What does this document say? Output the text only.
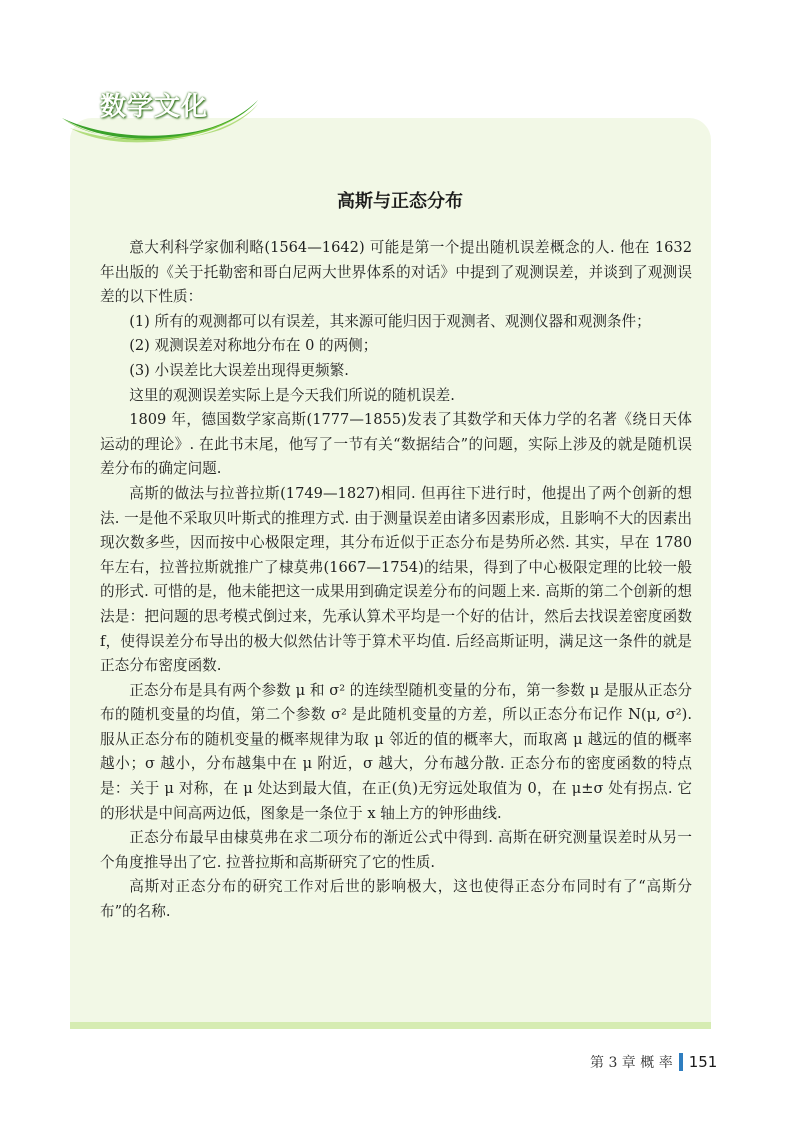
数学文化
高斯与正态分布

意大利科学家伽利略(1564—1642) 可能是第一个提出随机误差概念的人. 他在 1632 年出版的《关于托勒密和哥白尼两大世界体系的对话》中提到了观测误差，并谈到了观测误差的以下性质：

(1) 所有的观测都可以有误差，其来源可能归因于观测者、观测仪器和观测条件；

(2) 观测误差对称地分布在 0 的两侧；

(3) 小误差比大误差出现得更频繁.

这里的观测误差实际上是今天我们所说的随机误差.

1809 年，德国数学家高斯(1777—1855)发表了其数学和天体力学的名著《绕日天体运动的理论》. 在此书末尾，他写了一节有关“数据结合”的问题，实际上涉及的就是随机误差分布的确定问题.

高斯的做法与拉普拉斯(1749—1827)相同. 但再往下进行时，他提出了两个创新的想法. 一是他不采取贝叶斯式的推理方式. 由于测量误差由诸多因素形成，且影响不大的因素出现次数多些，因而按中心极限定理，其分布近似于正态分布是势所必然. 其实，早在 1780 年左右，拉普拉斯就推广了棣莫弗(1667—1754)的结果，得到了中心极限定理的比较一般的形式. 可惜的是，他未能把这一成果用到确定误差分布的问题上来. 高斯的第二个创新的想法是：把问题的思考模式倒过来，先承认算术平均是一个好的估计，然后去找误差密度函数 f，使得误差分布导出的极大似然估计等于算术平均值. 后经高斯证明，满足这一条件的就是正态分布密度函数.

正态分布是具有两个参数 μ 和 σ² 的连续型随机变量的分布，第一参数 μ 是服从正态分布的随机变量的均值，第二个参数 σ² 是此随机变量的方差，所以正态分布记作 N(μ, σ²). 服从正态分布的随机变量的概率规律为取 μ 邻近的值的概率大，而取离 μ 越远的值的概率越小；σ 越小，分布越集中在 μ 附近，σ 越大，分布越分散. 正态分布的密度函数的特点是：关于 μ 对称，在 μ 处达到最大值，在正(负)无穷远处取值为 0，在 μ±σ 处有拐点. 它的形状是中间高两边低，图象是一条位于 x 轴上方的钟形曲线.

正态分布最早由棣莫弗在求二项分布的渐近公式中得到. 高斯在研究测量误差时从另一个角度推导出了它. 拉普拉斯和高斯研究了它的性质.

高斯对正态分布的研究工作对后世的影响极大，这也使得正态分布同时有了“高斯分布”的名称.

第 3 章 概 率 151
